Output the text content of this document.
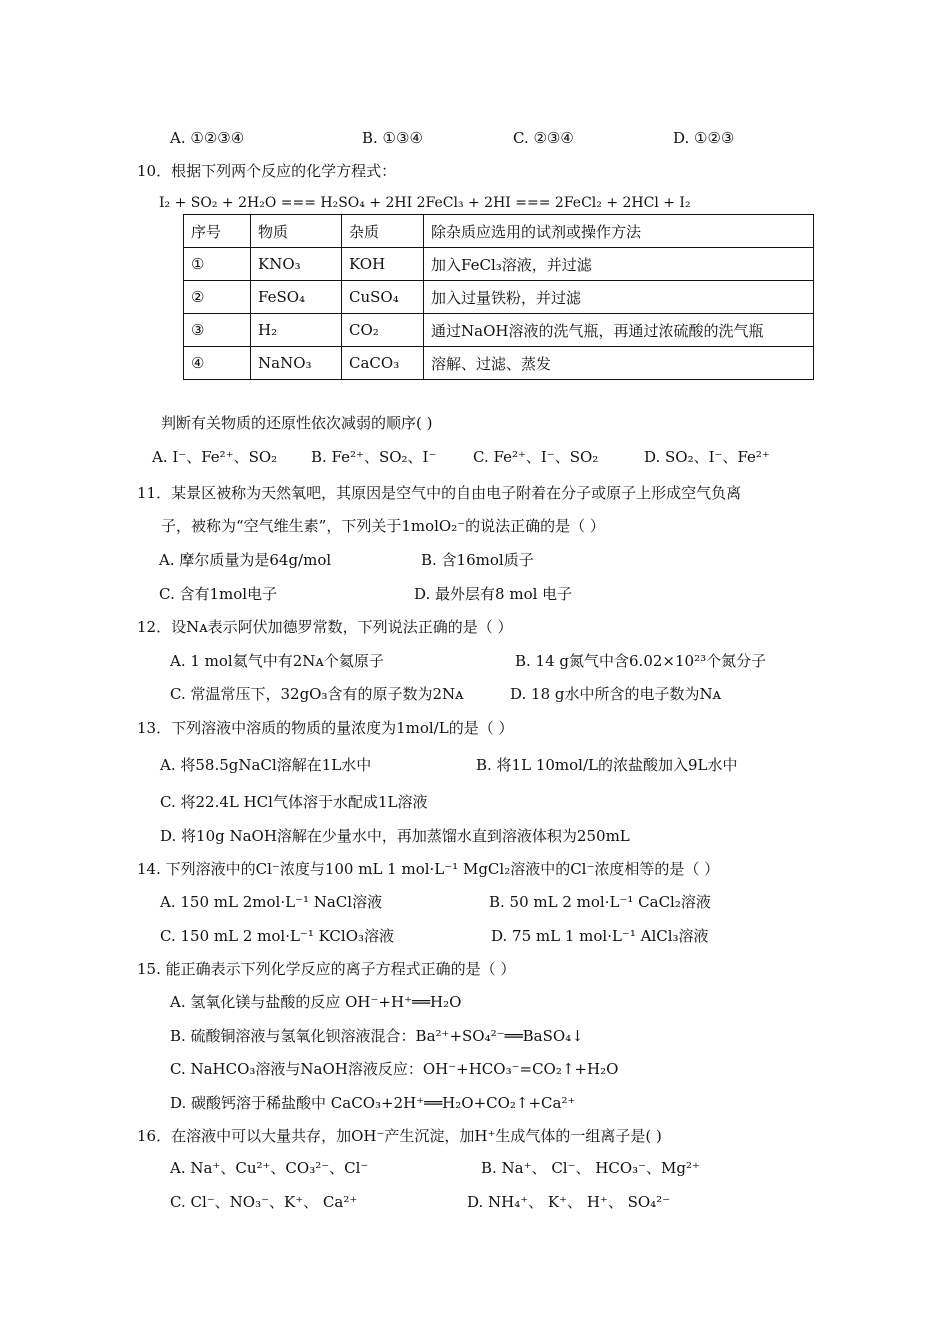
A. ①②③④	B. ①③④	C. ②③④	D. ①②③
10．根据下列两个反应的化学方程式：
I₂ + SO₂ + 2H₂O === H₂SO₄ + 2HI 2FeCl₃ + 2HI === 2FeCl₂ + 2HCl + I₂
序号	物质	杂质	除杂质应选用的试剂或操作方法
①	KNO₃	KOH	加入FeCl₃溶液，并过滤
②	FeSO₄	CuSO₄	加入过量铁粉，并过滤
③	H₂	CO₂	通过NaOH溶液的洗气瓶，再通过浓硫酸的洗气瓶
④	NaNO₃	CaCO₃	溶解、过滤、蒸发
判断有关物质的还原性依次减弱的顺序( )
A. I⁻、Fe²⁺、SO₂ B. Fe²⁺、SO₂、I⁻ C. Fe²⁺、I⁻、SO₂	D. SO₂、I⁻、Fe²⁺
11．某景区被称为天然氧吧，其原因是空气中的自由电子附着在分子或原子上形成空气负离
子，被称为“空气维生素”，下列关于1molO₂⁻的说法正确的是（ ）
A. 摩尔质量为是64g/mol	B. 含16mol质子
C. 含有1mol电子	D. 最外层有8 mol 电子
12．设Nᴀ表示阿伏加德罗常数，下列说法正确的是（ ）
A. 1 mol氦气中有2Nᴀ个氦原子	B. 14 g氮气中含6.02×10²³个氮分子
C. 常温常压下，32gO₃含有的原子数为2Nᴀ	D. 18 g水中所含的电子数为Nᴀ
13．下列溶液中溶质的物质的量浓度为1mol/L的是（ ）
A. 将58.5gNaCl溶解在1L水中	B. 将1L 10mol/L的浓盐酸加入9L水中
C. 将22.4L HCl气体溶于水配成1L溶液
D. 将10g NaOH溶解在少量水中，再加蒸馏水直到溶液体积为250mL
14. 下列溶液中的Cl⁻浓度与100 mL 1 mol·L⁻¹ MgCl₂溶液中的Cl⁻浓度相等的是（ ）
A. 150 mL 2mol·L⁻¹ NaCl溶液	B. 50 mL 2 mol·L⁻¹ CaCl₂溶液
C. 150 mL 2 mol·L⁻¹ KClO₃溶液	D. 75 mL 1 mol·L⁻¹ AlCl₃溶液
15. 能正确表示下列化学反应的离子方程式正确的是（ ）
A. 氢氧化镁与盐酸的反应 OH⁻+H⁺══H₂O
B. 硫酸铜溶液与氢氧化钡溶液混合：Ba²⁺+SO₄²⁻══BaSO₄↓
C. NaHCO₃溶液与NaOH溶液反应：OH⁻+HCO₃⁻=CO₂↑+H₂O
D. 碳酸钙溶于稀盐酸中 CaCO₃+2H⁺══H₂O+CO₂↑+Ca²⁺
16．在溶液中可以大量共存，加OH⁻产生沉淀，加H⁺生成气体的一组离子是( )
A. Na⁺、Cu²⁺、CO₃²⁻、Cl⁻	B. Na⁺、 Cl⁻、 HCO₃⁻、Mg²⁺
C. Cl⁻、NO₃⁻、K⁺、 Ca²⁺	D. NH₄⁺、 K⁺、 H⁺、 SO₄²⁻
